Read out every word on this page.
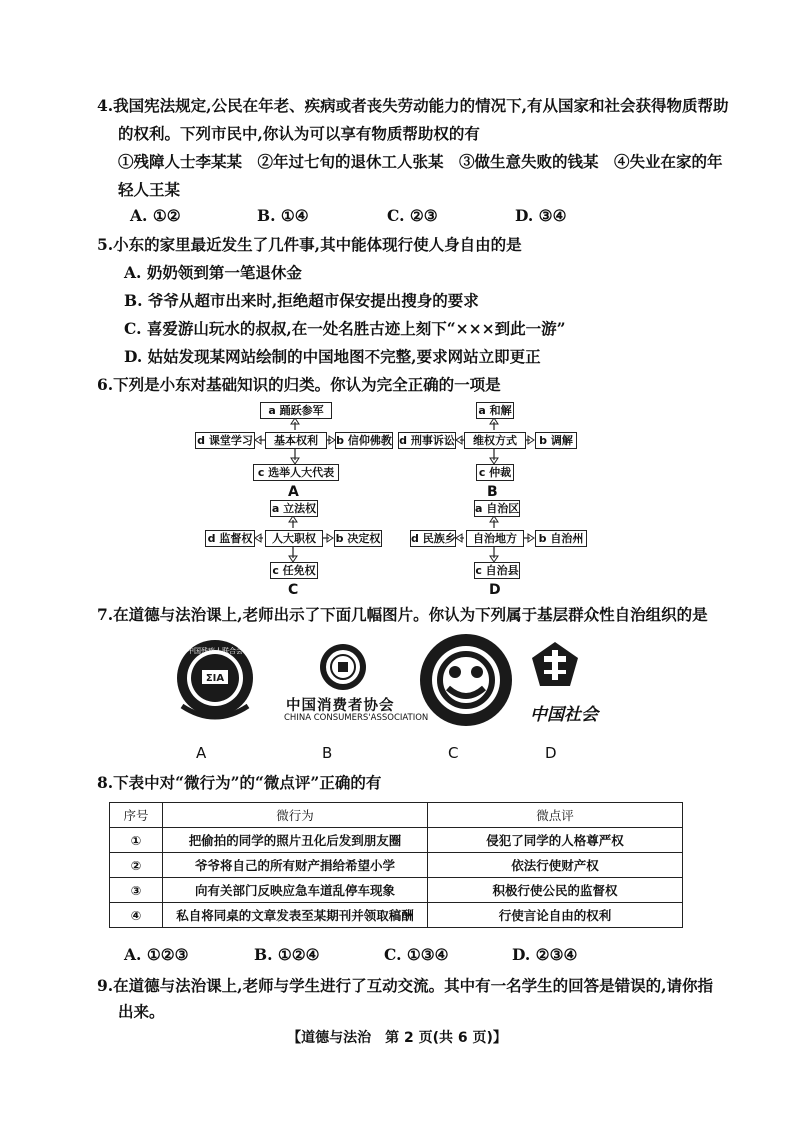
4.我国宪法规定,公民在年老、疾病或者丧失劳动能力的情况下,有从国家和社会获得物质帮助
的权利。下列市民中,你认为可以享有物质帮助权的有
①残障人士李某某　②年过七旬的退休工人张某　③做生意失败的钱某　④失业在家的年
轻人王某
A. ①②	B. ①④	C. ②③	D. ③④
5.小东的家里最近发生了几件事,其中能体现行使人身自由的是
A. 奶奶领到第一笔退休金
B. 爷爷从超市出来时,拒绝超市保安提出搜身的要求
C. 喜爱游山玩水的叔叔,在一处名胜古迹上刻下“×××到此一游”
D. 姑姑发现某网站绘制的中国地图不完整,要求网站立即更正
6.下列是小东对基础知识的归类。你认为完全正确的一项是
a 踊跃参军
基本权利	b 信仰佛教
d 课堂学习
c 选举人大代表
A
a 和解
维权方式	b 调解
d 刑事诉讼
c 仲裁
B
a 立法权
人大职权	b 决定权
d 监督权
c 任免权
C
a 自治区
自治地方	b 自治州
d 民族乡
c 自治县
D
7.在道德与法治课上,老师出示了下面几幅图片。你认为下列属于基层群众性自治组织的是
ΣΙΑ
中国残疾人联合会
中国消费者协会
CHINA CONSUMERS'ASSOCIATION	中国社会
A	B	C	D
8.下表中对“微行为”的“微点评”正确的有
序号	微行为	微点评
①	把偷拍的同学的照片丑化后发到朋友圈	侵犯了同学的人格尊严权
②	爷爷将自己的所有财产捐给希望小学	依法行使财产权
③	向有关部门反映应急车道乱停车现象	积极行使公民的监督权
④	私自将同桌的文章发表至某期刊并领取稿酬	行使言论自由的权利
A. ①②③	B. ①②④	C. ①③④	D. ②③④
9.在道德与法治课上,老师与学生进行了互动交流。其中有一名学生的回答是错误的,请你指
出来。
【道德与法治　第 2 页(共 6 页)】
